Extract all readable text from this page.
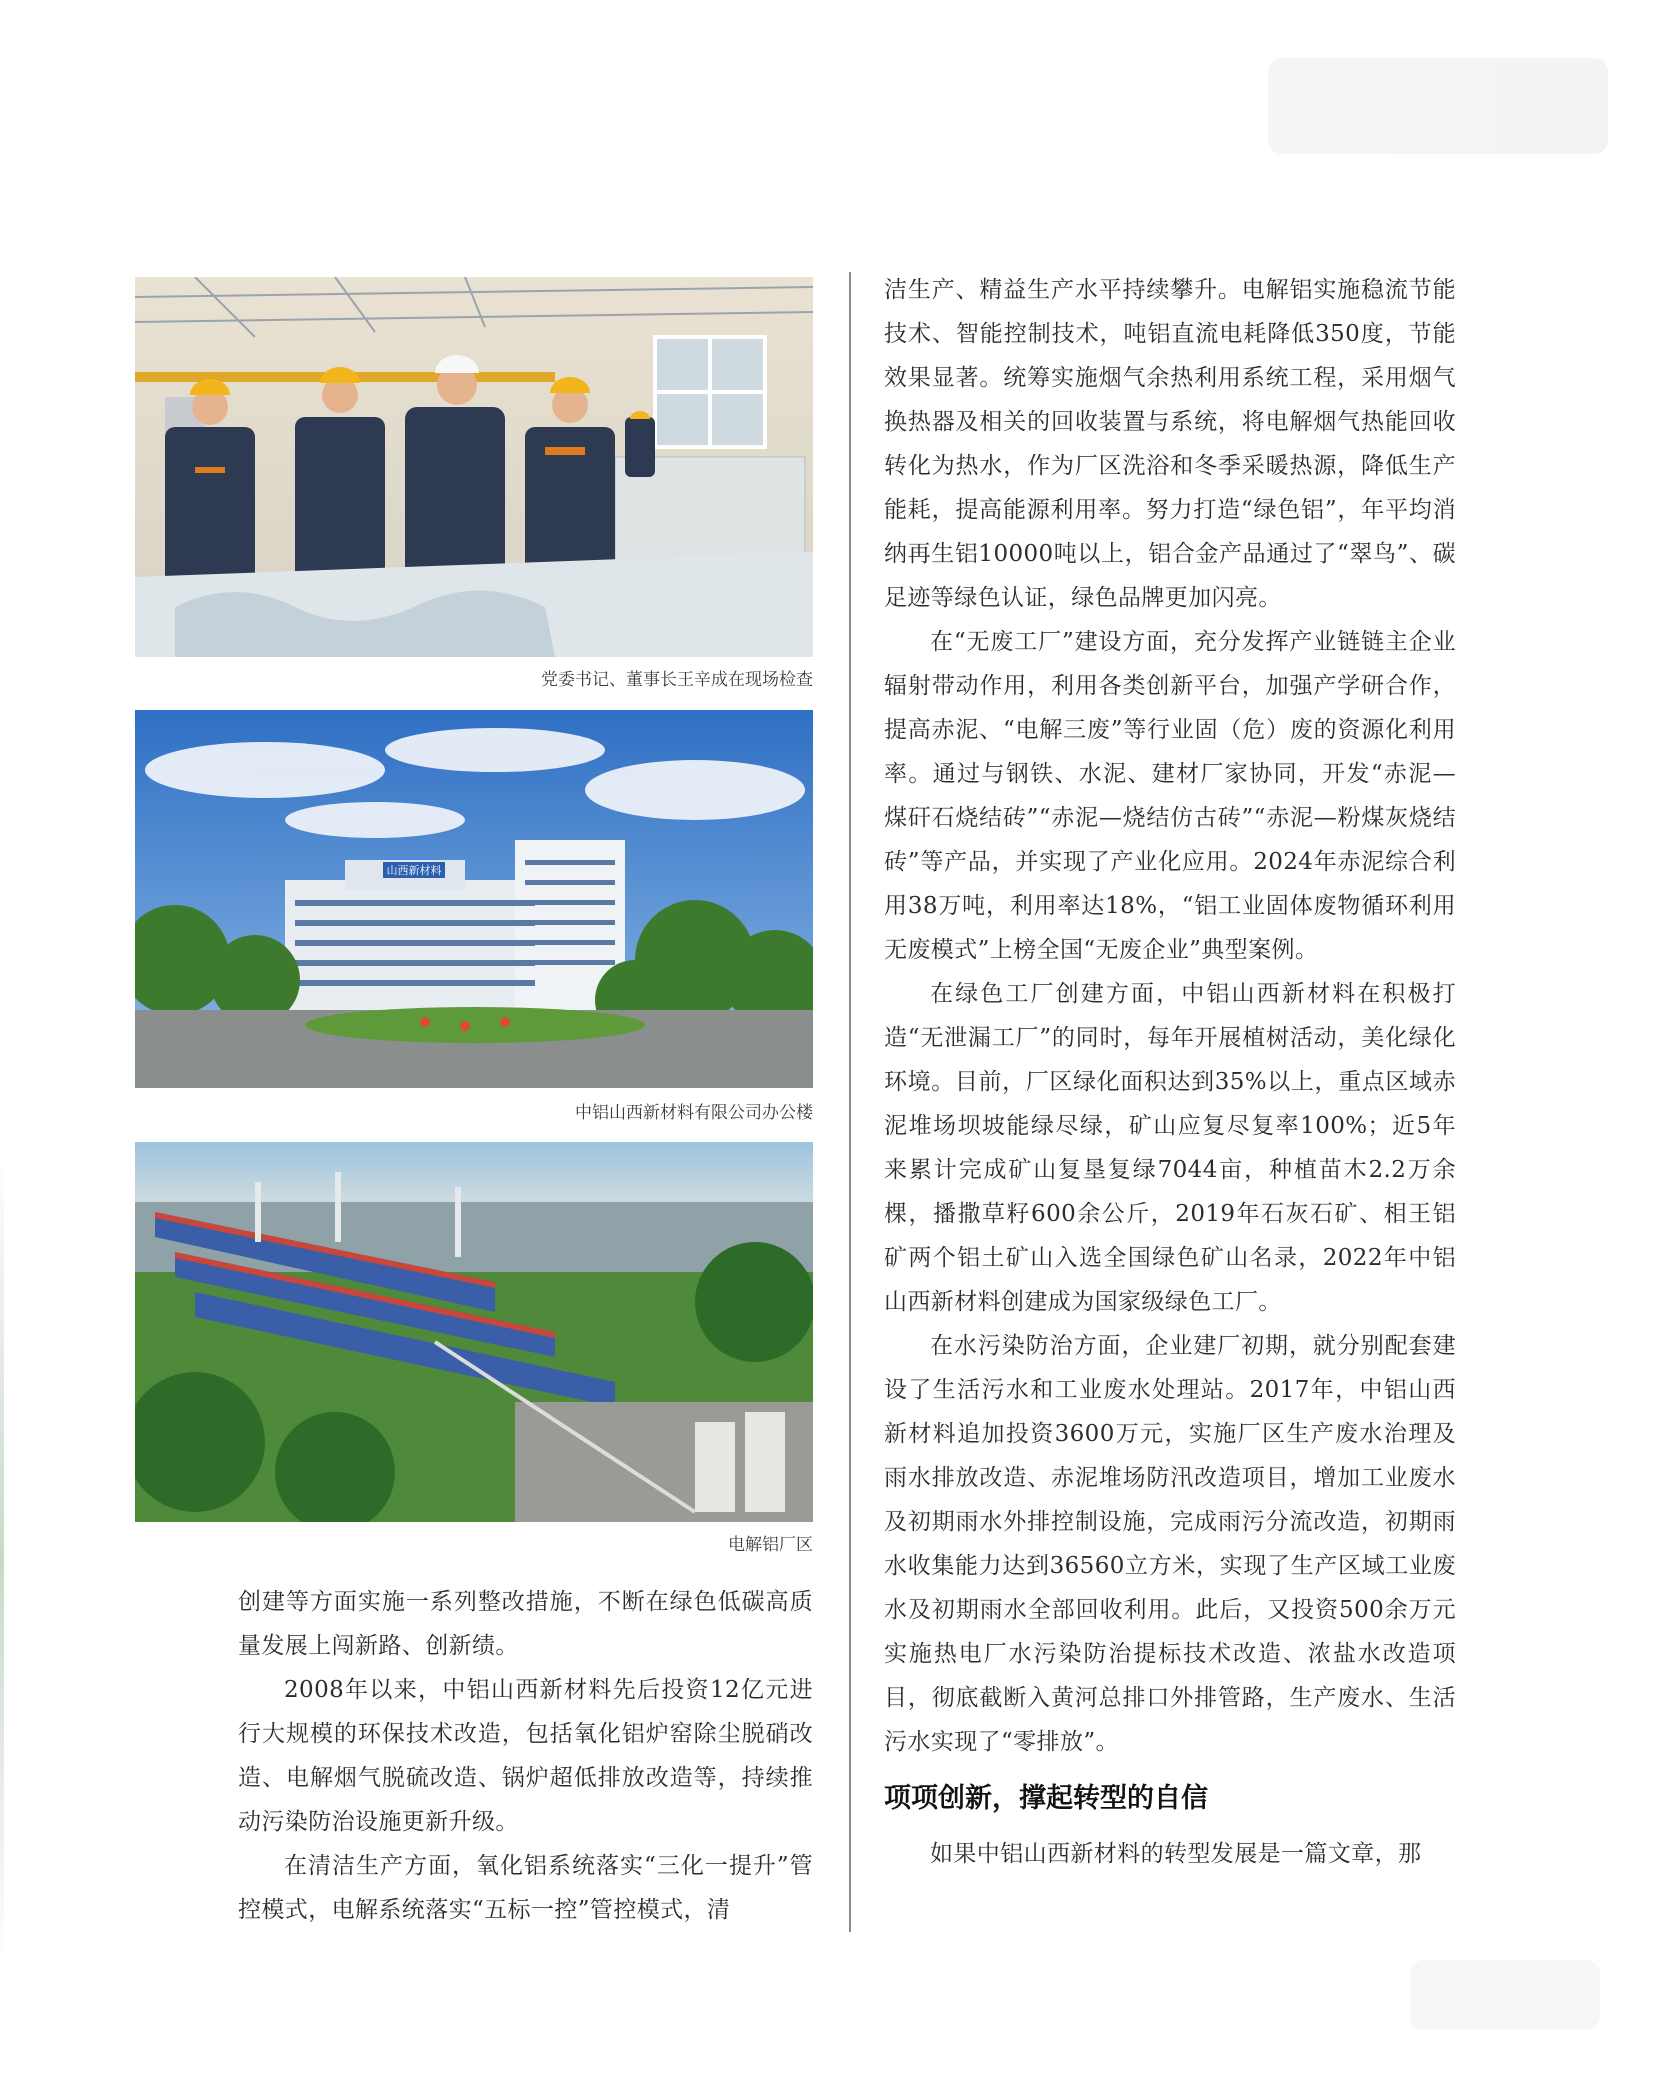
党委书记、董事长王辛成在现场检查
山西新材料
中铝山西新材料有限公司办公楼
电解铝厂区

创建等方面实施一系列整改措施，不断在绿色低碳高质量发展上闯新路、创新绩。

2008年以来，中铝山西新材料先后投资12亿元进行大规模的环保技术改造，包括氧化铝炉窑除尘脱硝改造、电解烟气脱硫改造、锅炉超低排放改造等，持续推动污染防治设施更新升级。

在清洁生产方面，氧化铝系统落实“三化一提升”管控模式，电解系统落实“五标一控”管控模式，清

洁生产、精益生产水平持续攀升。电解铝实施稳流节能技术、智能控制技术，吨铝直流电耗降低350度，节能效果显著。统筹实施烟气余热利用系统工程，采用烟气换热器及相关的回收装置与系统，将电解烟气热能回收转化为热水，作为厂区洗浴和冬季采暖热源，降低生产能耗，提高能源利用率。努力打造“绿色铝”，年平均消纳再生铝10000吨以上，铝合金产品通过了“翠鸟”、碳足迹等绿色认证，绿色品牌更加闪亮。

在“无废工厂”建设方面，充分发挥产业链链主企业辐射带动作用，利用各类创新平台，加强产学研合作，提高赤泥、“电解三废”等行业固（危）废的资源化利用率。通过与钢铁、水泥、建材厂家协同，开发“赤泥—煤矸石烧结砖”“赤泥—烧结仿古砖”“赤泥—粉煤灰烧结砖”等产品，并实现了产业化应用。2024年赤泥综合利用38万吨，利用率达18%，“铝工业固体废物循环利用无废模式”上榜全国“无废企业”典型案例。

在绿色工厂创建方面，中铝山西新材料在积极打造“无泄漏工厂”的同时，每年开展植树活动，美化绿化环境。目前，厂区绿化面积达到35%以上，重点区域赤泥堆场坝坡能绿尽绿，矿山应复尽复率100%；近5年来累计完成矿山复垦复绿7044亩，种植苗木2.2万余棵，播撒草籽600余公斤，2019年石灰石矿、相王铝矿两个铝土矿山入选全国绿色矿山名录，2022年中铝山西新材料创建成为国家级绿色工厂。

在水污染防治方面，企业建厂初期，就分别配套建设了生活污水和工业废水处理站。2017年，中铝山西新材料追加投资3600万元，实施厂区生产废水治理及雨水排放改造、赤泥堆场防汛改造项目，增加工业废水及初期雨水外排控制设施，完成雨污分流改造，初期雨水收集能力达到36560立方米，实现了生产区域工业废水及初期雨水全部回收利用。此后，又投资500余万元实施热电厂水污染防治提标技术改造、浓盐水改造项目，彻底截断入黄河总排口外排管路，生产废水、生活污水实现了“零排放”。

项项创新，撑起转型的自信

如果中铝山西新材料的转型发展是一篇文章，那
